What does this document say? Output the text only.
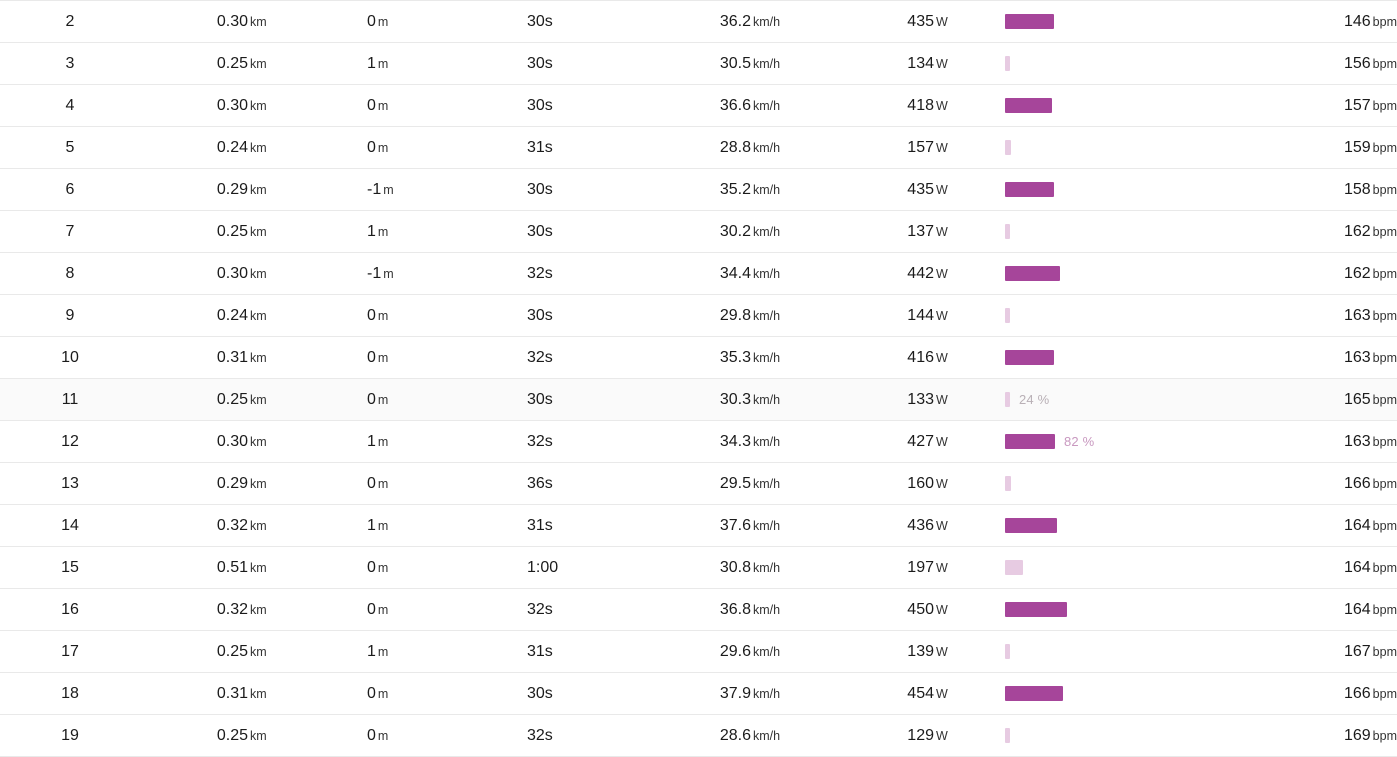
2	0.30 km	0 m	30s	36.2 km/h	435 W		146 bpm

3	0.25 km	1 m	30s	30.5 km/h	134 W		156 bpm

4	0.30 km	0 m	30s	36.6 km/h	418 W		157 bpm

5	0.24 km	0 m	31s	28.8 km/h	157 W		159 bpm

6	0.29 km	-1 m	30s	35.2 km/h	435 W		158 bpm

7	0.25 km	1 m	30s	30.2 km/h	137 W		162 bpm

8	0.30 km	-1 m	32s	34.4 km/h	442 W		162 bpm

9	0.24 km	0 m	30s	29.8 km/h	144 W		163 bpm

10	0.31 km	0 m	32s	35.3 km/h	416 W		163 bpm

11	0.25 km	0 m	30s	30.3 km/h	133 W	24 %	165 bpm

12	0.30 km	1 m	32s	34.3 km/h	427 W	82 %	163 bpm

13	0.29 km	0 m	36s	29.5 km/h	160 W		166 bpm

14	0.32 km	1 m	31s	37.6 km/h	436 W		164 bpm

15	0.51 km	0 m	1:00	30.8 km/h	197 W		164 bpm

16	0.32 km	0 m	32s	36.8 km/h	450 W		164 bpm

17	0.25 km	1 m	31s	29.6 km/h	139 W		167 bpm

18	0.31 km	0 m	30s	37.9 km/h	454 W		166 bpm

19	0.25 km	0 m	32s	28.6 km/h	129 W		169 bpm
